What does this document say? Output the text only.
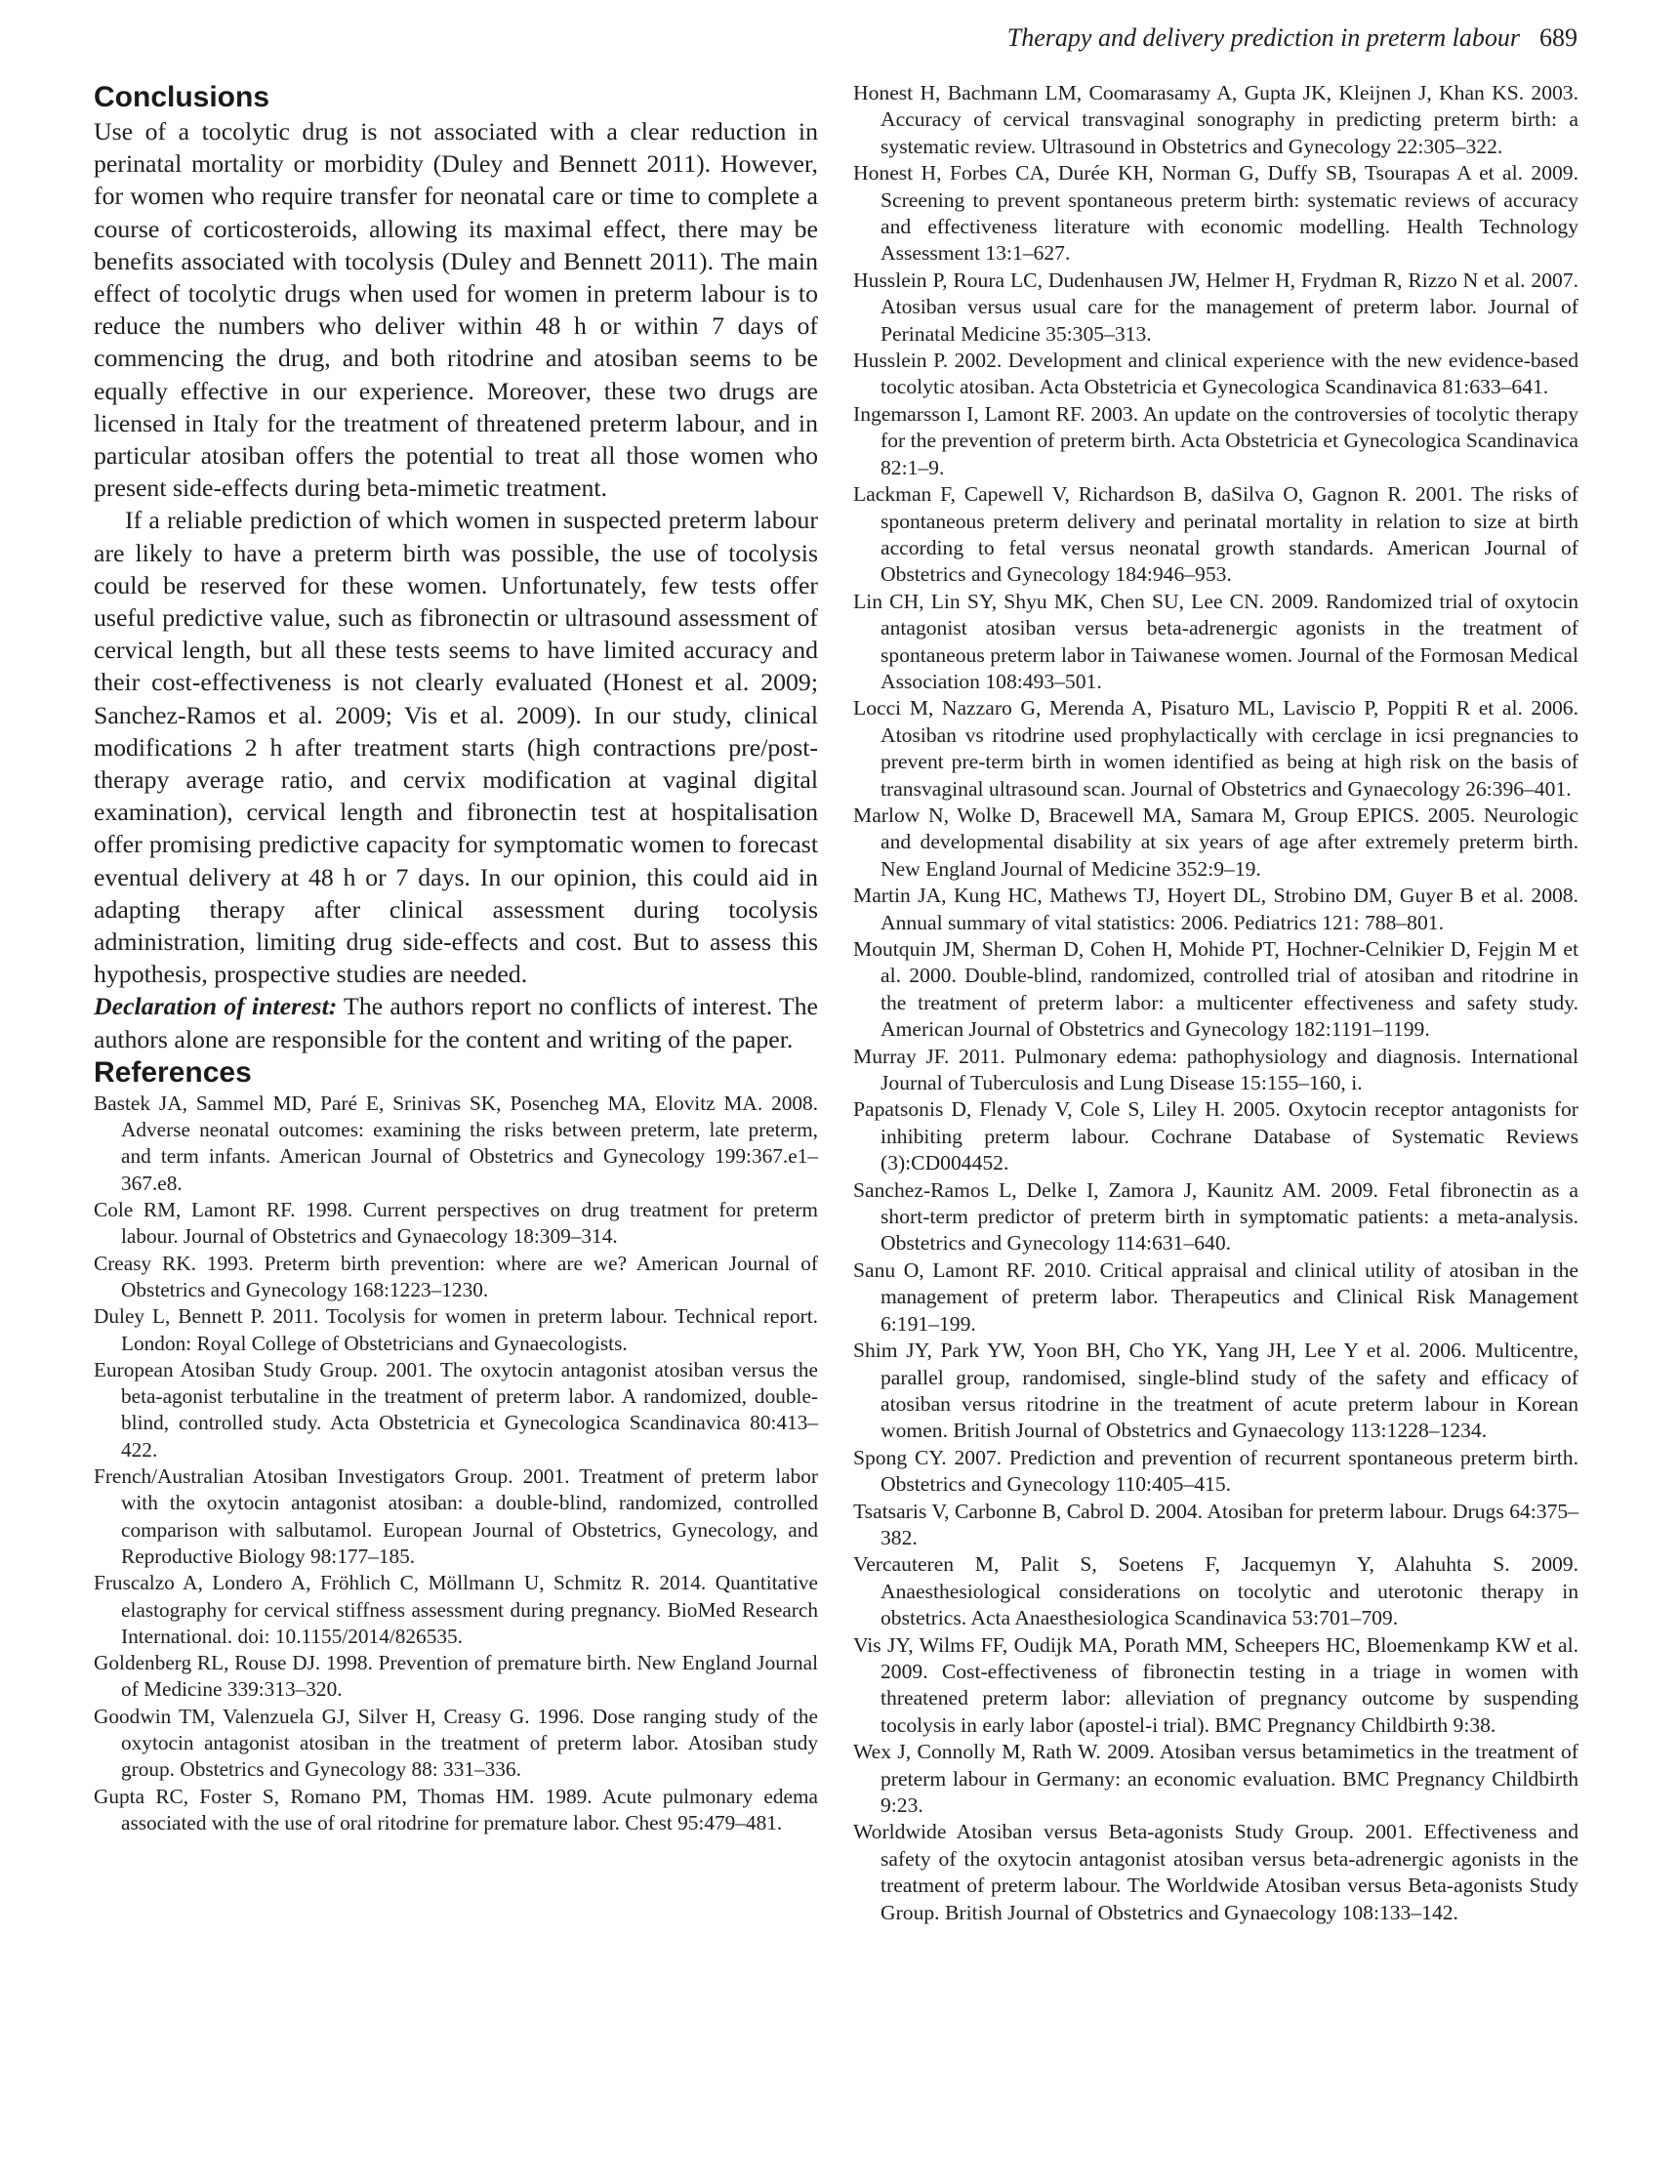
Therapy and delivery prediction in preterm labour 689
Conclusions

Use of a tocolytic drug is not associated with a clear reduction in perinatal mortality or morbidity (Duley and Bennett 2011). However, for women who require transfer for neonatal care or time to complete a course of corticosteroids, allowing its maximal effect, there may be benefits associated with tocolysis (Duley and Bennett 2011). The main effect of tocolytic drugs when used for women in preterm labour is to reduce the numbers who deliver within 48 h or within 7 days of commencing the drug, and both ritodrine and atosiban seems to be equally effective in our experience. Moreover, these two drugs are licensed in Italy for the treatment of threatened preterm labour, and in particular atosiban offers the potential to treat all those women who present side-effects during beta-mimetic treatment.

If a reliable prediction of which women in suspected preterm labour are likely to have a preterm birth was possible, the use of tocolysis could be reserved for these women. Unfortunately, few tests offer useful predictive value, such as fibronectin or ultrasound assessment of cervical length, but all these tests seems to have limited accuracy and their cost-effectiveness is not clearly evaluated (Honest et al. 2009; Sanchez-Ramos et al. 2009; Vis et al. 2009). In our study, clinical modifications 2 h after treatment starts (high contractions pre/post-therapy average ratio, and cervix modification at vaginal digital examination), cervical length and fibronectin test at hospitalisation offer promising predictive capacity for symptomatic women to forecast eventual delivery at 48 h or 7 days. In our opinion, this could aid in adapting therapy after clinical assessment during tocolysis administration, limiting drug side-effects and cost. But to assess this hypothesis, prospective studies are needed.

Declaration of interest: The authors report no conflicts of interest. The authors alone are responsible for the content and writing of the paper.

References
Bastek JA, Sammel MD, Paré E, Srinivas SK, Posencheg MA, Elovitz MA. 2008. Adverse neonatal outcomes: examining the risks between preterm, late preterm, and term infants. American Journal of Obstetrics and Gynecology 199:367.e1–367.e8.
Cole RM, Lamont RF. 1998. Current perspectives on drug treatment for preterm labour. Journal of Obstetrics and Gynaecology 18:309–314.
Creasy RK. 1993. Preterm birth prevention: where are we? American Journal of Obstetrics and Gynecology 168:1223–1230.
Duley L, Bennett P. 2011. Tocolysis for women in preterm labour. Technical report. London: Royal College of Obstetricians and Gynaecologists.
European Atosiban Study Group. 2001. The oxytocin antagonist atosiban versus the beta-agonist terbutaline in the treatment of preterm labor. A randomized, double-blind, controlled study. Acta Obstetricia et Gynecologica Scandinavica 80:413–422.
French/Australian Atosiban Investigators Group. 2001. Treatment of preterm labor with the oxytocin antagonist atosiban: a double-blind, randomized, controlled comparison with salbutamol. European Journal of Obstetrics, Gynecology, and Reproductive Biology 98:177–185.
Fruscalzo A, Londero A, Fröhlich C, Möllmann U, Schmitz R. 2014. Quantitative elastography for cervical stiffness assessment during pregnancy. BioMed Research International. doi: 10.1155/2014/826535.
Goldenberg RL, Rouse DJ. 1998. Prevention of premature birth. New England Journal of Medicine 339:313–320.
Goodwin TM, Valenzuela GJ, Silver H, Creasy G. 1996. Dose ranging study of the oxytocin antagonist atosiban in the treatment of preterm labor. Atosiban study group. Obstetrics and Gynecology 88: 331–336.
Gupta RC, Foster S, Romano PM, Thomas HM. 1989. Acute pulmonary edema associated with the use of oral ritodrine for premature labor. Chest 95:479–481.
Honest H, Bachmann LM, Coomarasamy A, Gupta JK, Kleijnen J, Khan KS. 2003. Accuracy of cervical transvaginal sonography in predicting preterm birth: a systematic review. Ultrasound in Obstetrics and Gynecology 22:305–322.
Honest H, Forbes CA, Durée KH, Norman G, Duffy SB, Tsourapas A et al. 2009. Screening to prevent spontaneous preterm birth: systematic reviews of accuracy and effectiveness literature with economic modelling. Health Technology Assessment 13:1–627.
Husslein P, Roura LC, Dudenhausen JW, Helmer H, Frydman R, Rizzo N et al. 2007. Atosiban versus usual care for the management of preterm labor. Journal of Perinatal Medicine 35:305–313.
Husslein P. 2002. Development and clinical experience with the new evidence-based tocolytic atosiban. Acta Obstetricia et Gynecologica Scandinavica 81:633–641.
Ingemarsson I, Lamont RF. 2003. An update on the controversies of tocolytic therapy for the prevention of preterm birth. Acta Obstetricia et Gynecologica Scandinavica 82:1–9.
Lackman F, Capewell V, Richardson B, daSilva O, Gagnon R. 2001. The risks of spontaneous preterm delivery and perinatal mortality in relation to size at birth according to fetal versus neonatal growth standards. American Journal of Obstetrics and Gynecology 184:946–953.
Lin CH, Lin SY, Shyu MK, Chen SU, Lee CN. 2009. Randomized trial of oxytocin antagonist atosiban versus beta-adrenergic agonists in the treatment of spontaneous preterm labor in Taiwanese women. Journal of the Formosan Medical Association 108:493–501.
Locci M, Nazzaro G, Merenda A, Pisaturo ML, Laviscio P, Poppiti R et al. 2006. Atosiban vs ritodrine used prophylactically with cerclage in icsi pregnancies to prevent pre-term birth in women identified as being at high risk on the basis of transvaginal ultrasound scan. Journal of Obstetrics and Gynaecology 26:396–401.
Marlow N, Wolke D, Bracewell MA, Samara M, Group EPICS. 2005. Neurologic and developmental disability at six years of age after extremely preterm birth. New England Journal of Medicine 352:9–19.
Martin JA, Kung HC, Mathews TJ, Hoyert DL, Strobino DM, Guyer B et al. 2008. Annual summary of vital statistics: 2006. Pediatrics 121: 788–801.
Moutquin JM, Sherman D, Cohen H, Mohide PT, Hochner-Celnikier D, Fejgin M et al. 2000. Double-blind, randomized, controlled trial of atosiban and ritodrine in the treatment of preterm labor: a multicenter effectiveness and safety study. American Journal of Obstetrics and Gynecology 182:1191–1199.
Murray JF. 2011. Pulmonary edema: pathophysiology and diagnosis. International Journal of Tuberculosis and Lung Disease 15:155–160, i.
Papatsonis D, Flenady V, Cole S, Liley H. 2005. Oxytocin receptor antagonists for inhibiting preterm labour. Cochrane Database of Systematic Reviews (3):CD004452.
Sanchez-Ramos L, Delke I, Zamora J, Kaunitz AM. 2009. Fetal fibronectin as a short-term predictor of preterm birth in symptomatic patients: a meta-analysis. Obstetrics and Gynecology 114:631–640.
Sanu O, Lamont RF. 2010. Critical appraisal and clinical utility of atosiban in the management of preterm labor. Therapeutics and Clinical Risk Management 6:191–199.
Shim JY, Park YW, Yoon BH, Cho YK, Yang JH, Lee Y et al. 2006. Multicentre, parallel group, randomised, single-blind study of the safety and efficacy of atosiban versus ritodrine in the treatment of acute preterm labour in Korean women. British Journal of Obstetrics and Gynaecology 113:1228–1234.
Spong CY. 2007. Prediction and prevention of recurrent spontaneous preterm birth. Obstetrics and Gynecology 110:405–415.
Tsatsaris V, Carbonne B, Cabrol D. 2004. Atosiban for preterm labour. Drugs 64:375–382.
Vercauteren M, Palit S, Soetens F, Jacquemyn Y, Alahuhta S. 2009. Anaesthesiological considerations on tocolytic and uterotonic therapy in obstetrics. Acta Anaesthesiologica Scandinavica 53:701–709.
Vis JY, Wilms FF, Oudijk MA, Porath MM, Scheepers HC, Bloemenkamp KW et al. 2009. Cost-effectiveness of fibronectin testing in a triage in women with threatened preterm labor: alleviation of pregnancy outcome by suspending tocolysis in early labor (apostel-i trial). BMC Pregnancy Childbirth 9:38.
Wex J, Connolly M, Rath W. 2009. Atosiban versus betamimetics in the treatment of preterm labour in Germany: an economic evaluation. BMC Pregnancy Childbirth 9:23.
Worldwide Atosiban versus Beta-agonists Study Group. 2001. Effectiveness and safety of the oxytocin antagonist atosiban versus beta-adrenergic agonists in the treatment of preterm labour. The Worldwide Atosiban versus Beta-agonists Study Group. British Journal of Obstetrics and Gynaecology 108:133–142.
